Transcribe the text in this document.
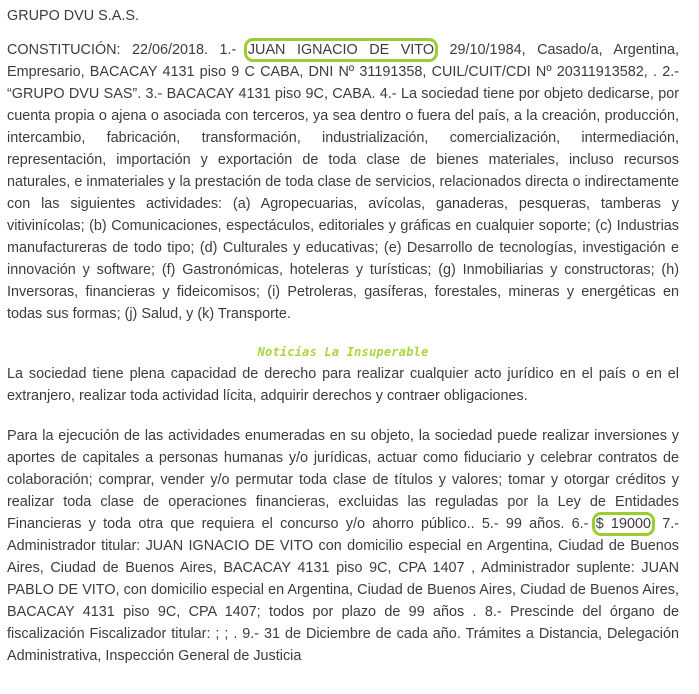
GRUPO DVU S.A.S.
CONSTITUCIÓN: 22/06/2018. 1.- JUAN IGNACIO DE VITO, 29/10/1984, Casado/a, Argentina, Empresario, BACACAY 4131 piso 9 C CABA, DNI Nº 31191358, CUIL/CUIT/CDI Nº 20311913582, . 2.- “GRUPO DVU SAS”. 3.- BACACAY 4131 piso 9C, CABA. 4.- La sociedad tiene por objeto dedicarse, por cuenta propia o ajena o asociada con terceros, ya sea dentro o fuera del país, a la creación, producción, intercambio, fabricación, transformación, industrialización, comercialización, intermediación, representación, importación y exportación de toda clase de bienes materiales, incluso recursos naturales, e inmateriales y la prestación de toda clase de servicios, relacionados directa o indirectamente con las siguientes actividades: (a) Agropecuarias, avícolas, ganaderas, pesqueras, tamberas y vitivinícolas; (b) Comunicaciones, espectáculos, editoriales y gráficas en cualquier soporte; (c) Industrias manufactureras de todo tipo; (d) Culturales y educativas; (e) Desarrollo de tecnologías, investigación e innovación y software; (f) Gastronómicas, hoteleras y turísticas; (g) Inmobiliarias y constructoras; (h) Inversoras, financieras y fideicomisos; (i) Petroleras, gasíferas, forestales, mineras y energéticas en todas sus formas; (j) Salud, y (k) Transporte.
Noticias La Insuperable
La sociedad tiene plena capacidad de derecho para realizar cualquier acto jurídico en el país o en el extranjero, realizar toda actividad lícita, adquirir derechos y contraer obligaciones.
Para la ejecución de las actividades enumeradas en su objeto, la sociedad puede realizar inversiones y aportes de capitales a personas humanas y/o jurídicas, actuar como fiduciario y celebrar contratos de colaboración; comprar, vender y/o permutar toda clase de títulos y valores; tomar y otorgar créditos y realizar toda clase de operaciones financieras, excluidas las reguladas por la Ley de Entidades Financieras y toda otra que requiera el concurso y/o ahorro público.. 5.- 99 años. 6.- $ 19000. 7.- Administrador titular: JUAN IGNACIO DE VITO con domicilio especial en Argentina, Ciudad de Buenos Aires, Ciudad de Buenos Aires, BACACAY 4131 piso 9C, CPA 1407 , Administrador suplente: JUAN PABLO DE VITO, con domicilio especial en Argentina, Ciudad de Buenos Aires, Ciudad de Buenos Aires, BACACAY 4131 piso 9C, CPA 1407; todos por plazo de 99 años . 8.- Prescinde del órgano de fiscalización Fiscalizador titular: ; ; . 9.- 31 de Diciembre de cada año. Trámites a Distancia, Delegación Administrativa, Inspección General de Justicia
